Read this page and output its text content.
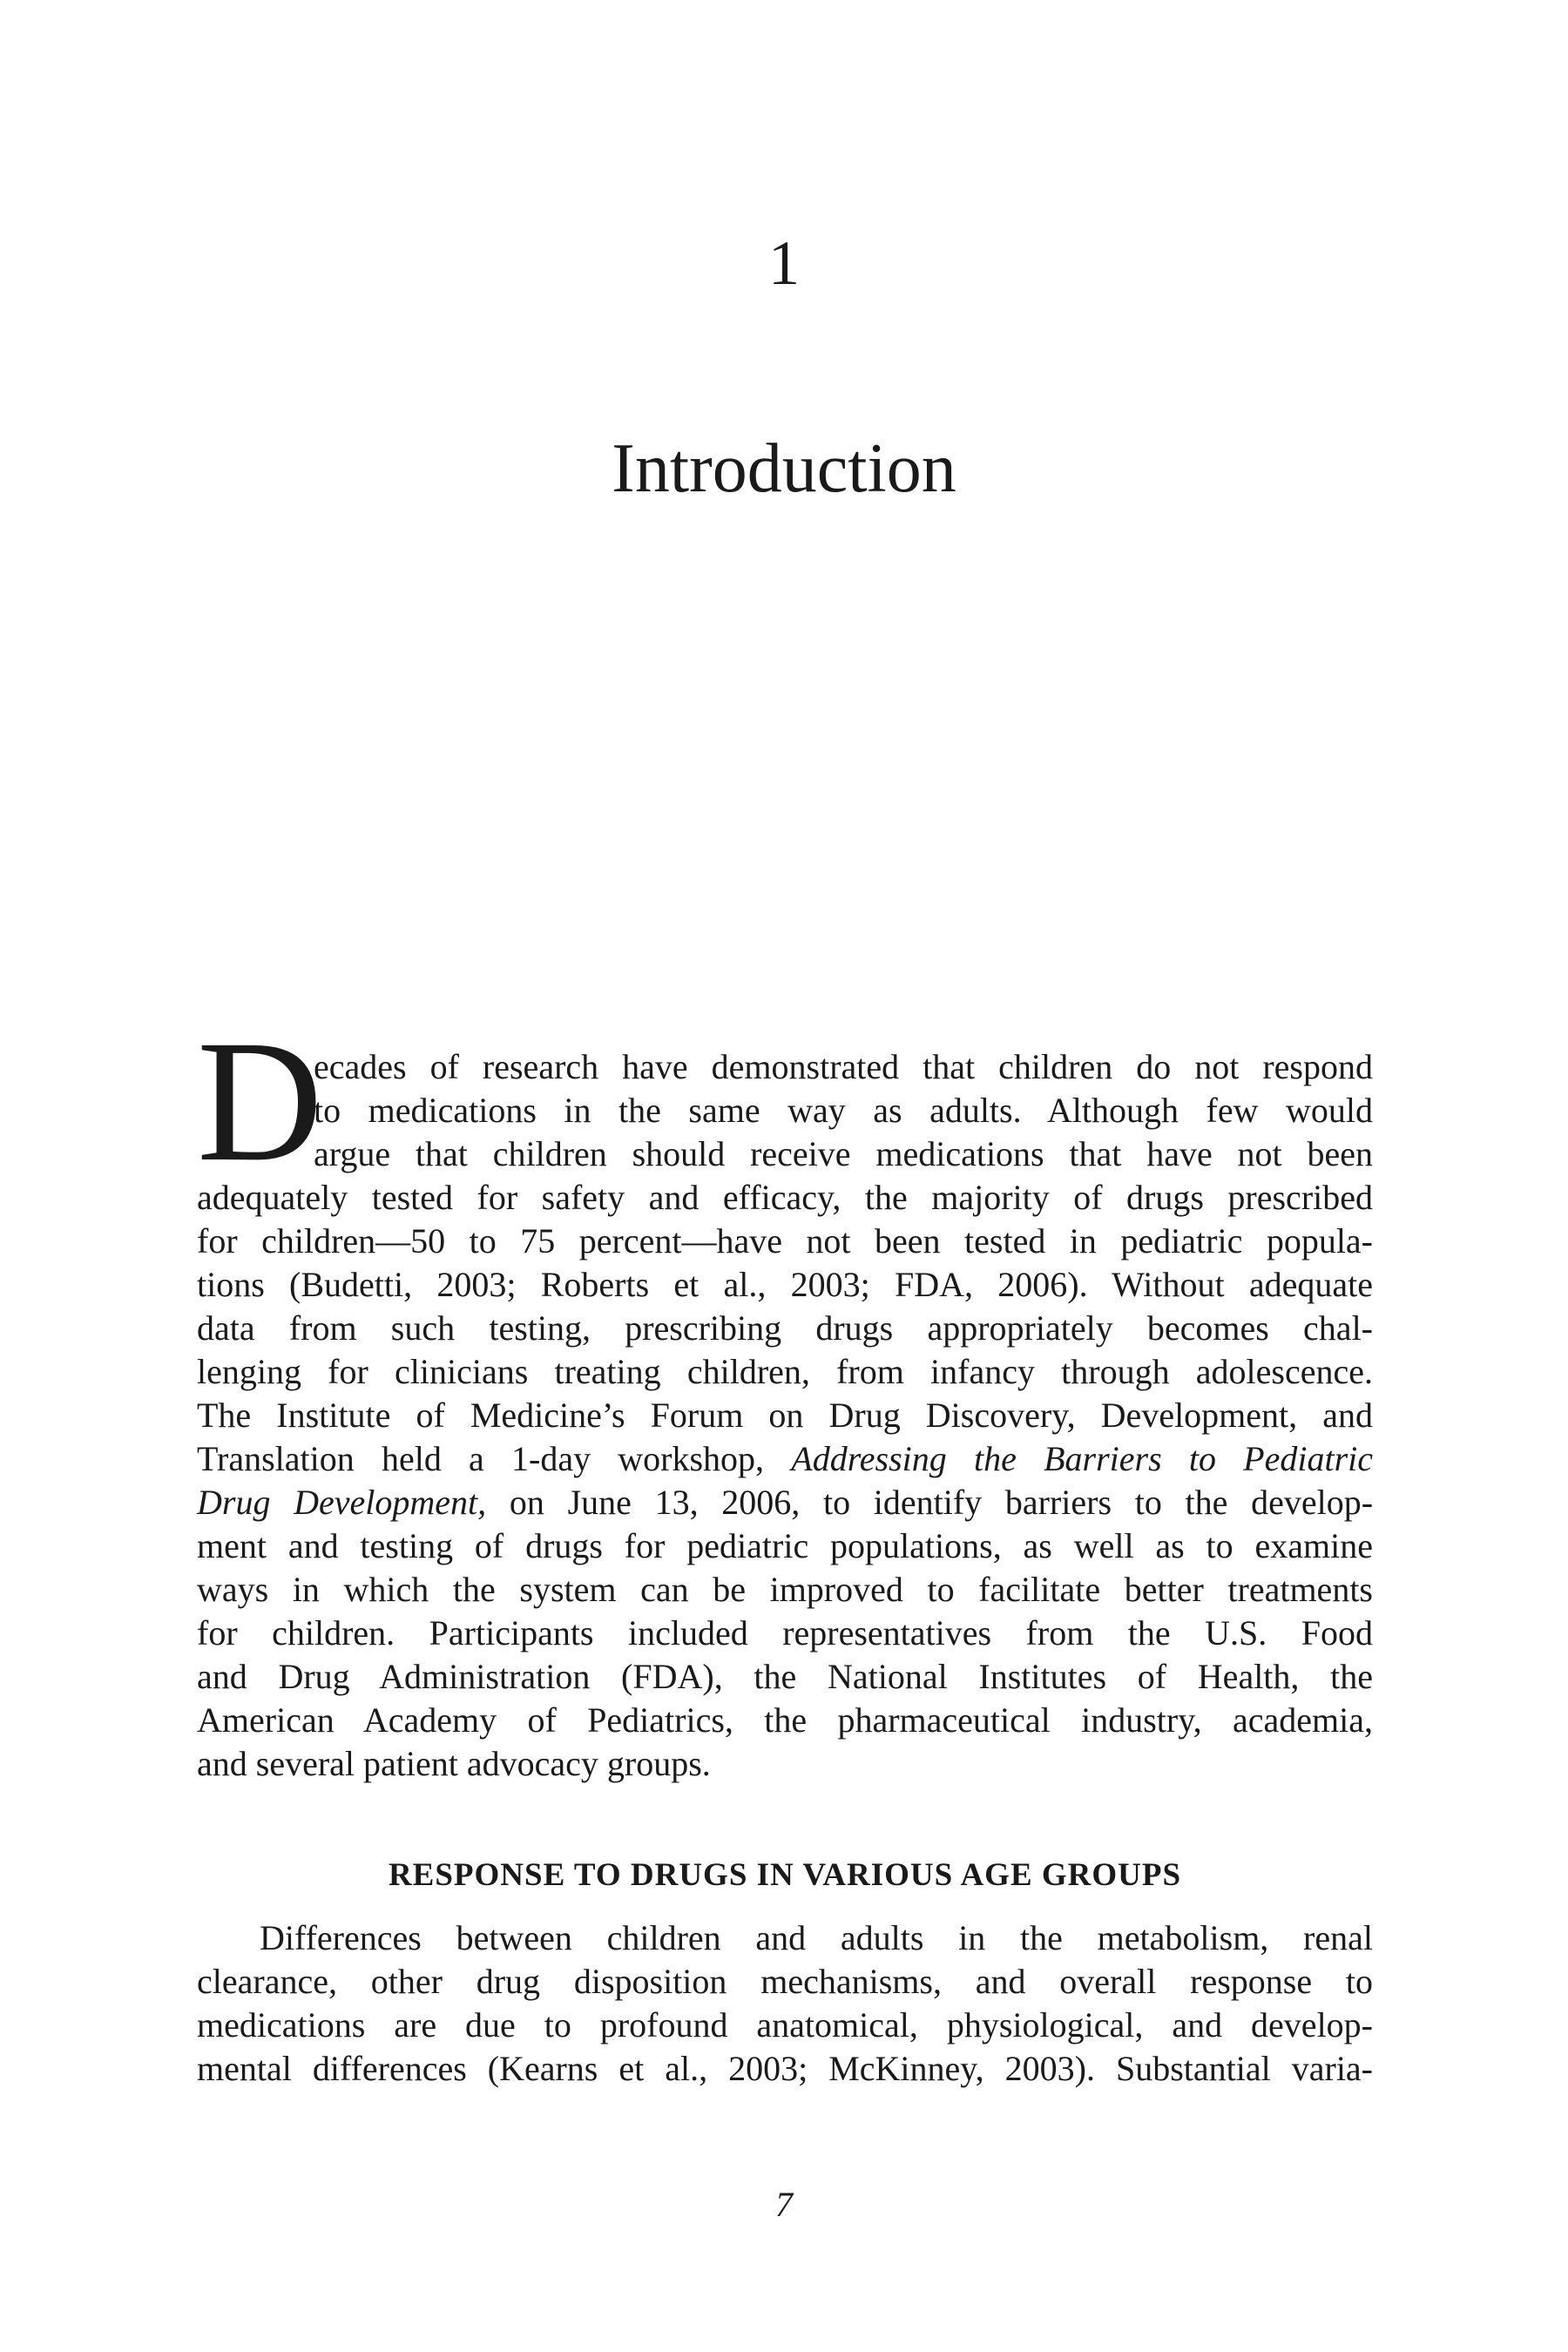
1
Introduction
D
ecades of research have demonstrated that children do not respond
to medications in the same way as adults. Although few would
argue that children should receive medications that have not been
adequately tested for safety and efficacy, the majority of drugs prescribed
for children—50 to 75 percent—have not been tested in pediatric popula-
tions (Budetti, 2003; Roberts et al., 2003; FDA, 2006). Without adequate
data from such testing, prescribing drugs appropriately becomes chal-
lenging for clinicians treating children, from infancy through adolescence.
The Institute of Medicine’s Forum on Drug Discovery, Development, and
Translation held a 1-day workshop, Addressing the Barriers to Pediatric
Drug Development, on June 13, 2006, to identify barriers to the develop-
ment and testing of drugs for pediatric populations, as well as to examine
ways in which the system can be improved to facilitate better treatments
for children. Participants included representatives from the U.S. Food
and Drug Administration (FDA), the National Institutes of Health, the
American Academy of Pediatrics, the pharmaceutical industry, academia,
and several patient advocacy groups.
RESPONSE TO DRUGS IN VARIOUS AGE GROUPS
Differences between children and adults in the metabolism, renal
clearance, other drug disposition mechanisms, and overall response to
medications are due to profound anatomical, physiological, and develop-
mental differences (Kearns et al., 2003; McKinney, 2003). Substantial varia-
7
